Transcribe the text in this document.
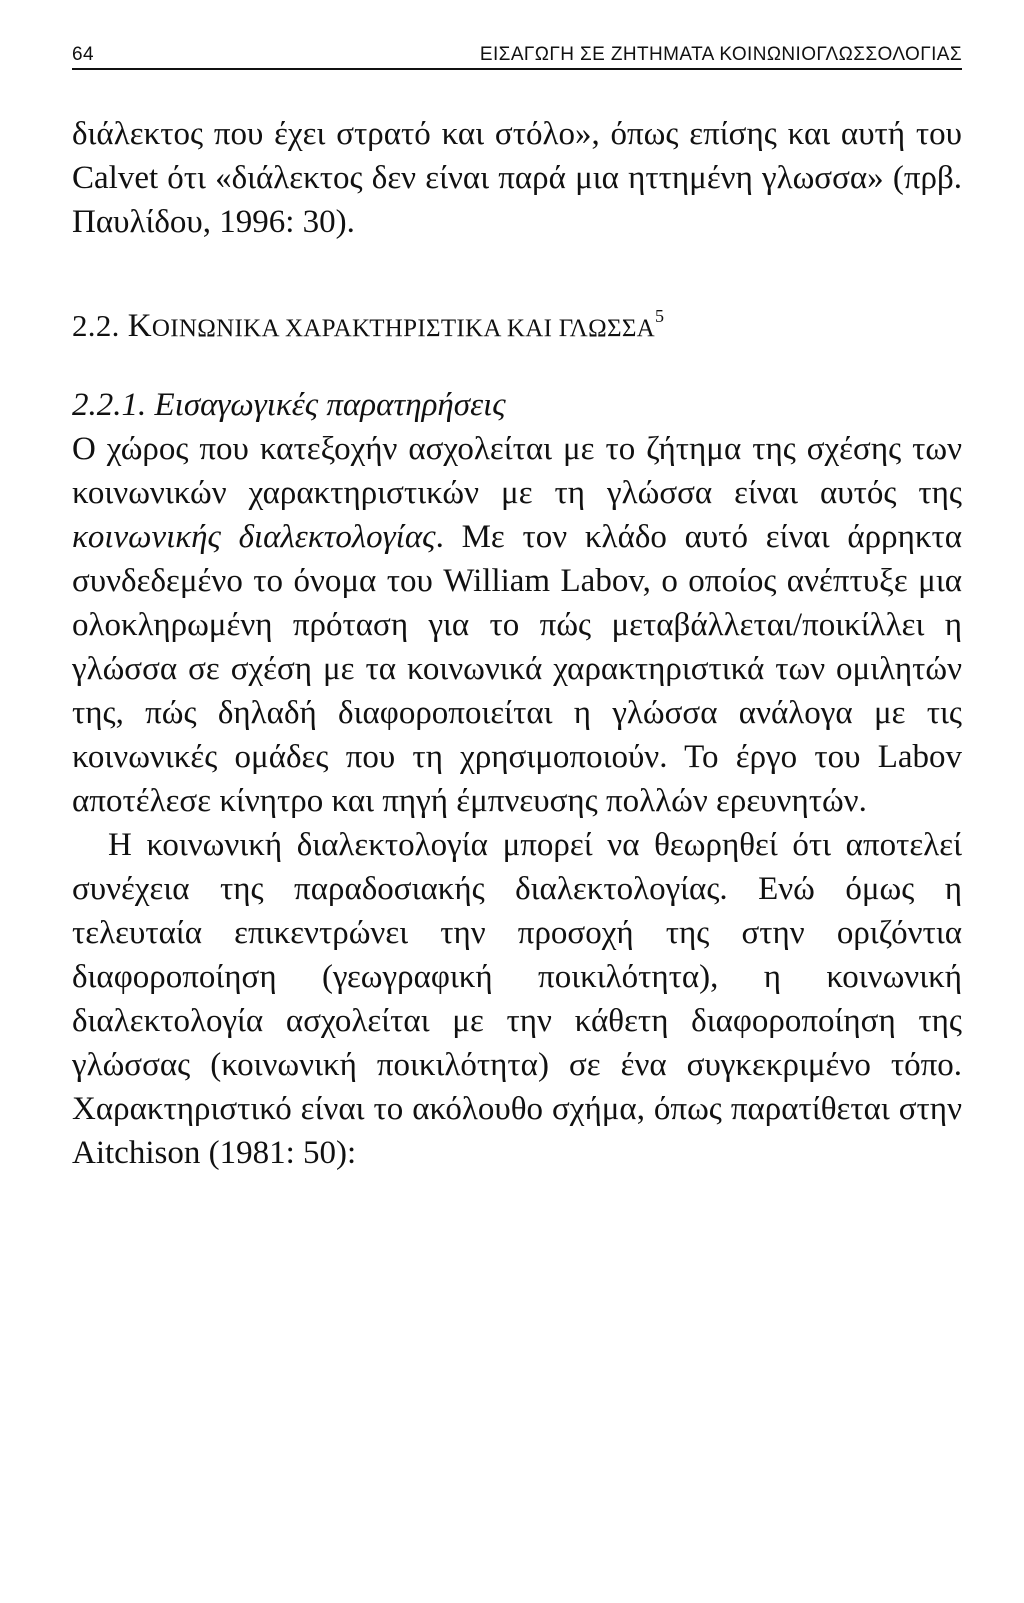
64	ΕΙΣΑΓΩΓΗ ΣΕ ΖΗΤΗΜΑΤΑ ΚΟΙΝΩΝΙΟΓΛΩΣΣΟΛΟΓΙΑΣ

διάλεκτος που έχει στρατό και στόλο», όπως επίσης και αυτή του Calvet ότι «διάλεκτος δεν είναι παρά μια ηττημένη γλωσσα» (πρβ. Παυλίδου, 1996: 30).

2.2. ΚΟΙΝΩΝΙΚΑ ΧΑΡΑΚΤΗΡΙΣΤΙΚΑ ΚΑΙ ΓΛΩΣΣΑ$^5$
2.2.1. Εισαγωγικές παρατηρήσεις

Ο χώρος που κατεξοχήν ασχολείται με το ζήτημα της σχέσης των κοινωνικών χαρακτηριστικών με τη γλώσσα είναι αυτός της κοινωνικής διαλεκτολογίας. Με τον κλάδο αυτό είναι άρρηκτα συνδεδεμένο το όνομα του William Labov, ο οποίος ανέπτυξε μια ολοκληρωμένη πρόταση για το πώς μεταβάλλεται/ποικίλλει η γλώσσα σε σχέση με τα κοινωνικά χαρακτηριστικά των ομιλητών της, πώς δηλαδή διαφοροποιείται η γλώσσα ανάλογα με τις κοινωνικές ομάδες που τη χρησιμοποιούν. Το έργο του Labov αποτέλεσε κίνητρο και πηγή έμπνευσης πολλών ερευνητών.

Η κοινωνική διαλεκτολογία μπορεί να θεωρηθεί ότι αποτελεί συνέχεια της παραδοσιακής διαλεκτολογίας. Ενώ όμως η τελευταία επικεντρώνει την προσοχή της στην οριζόντια διαφοροποίηση (γεωγραφική ποικιλότητα), η κοινωνική διαλεκτολογία ασχολείται με την κάθετη διαφοροποίηση της γλώσσας (κοινωνική ποικιλότητα) σε ένα συγκεκριμένο τόπο. Χαρακτηριστικό είναι το ακόλουθο σχήμα, όπως παρατίθεται στην Aitchison (1981: 50):
